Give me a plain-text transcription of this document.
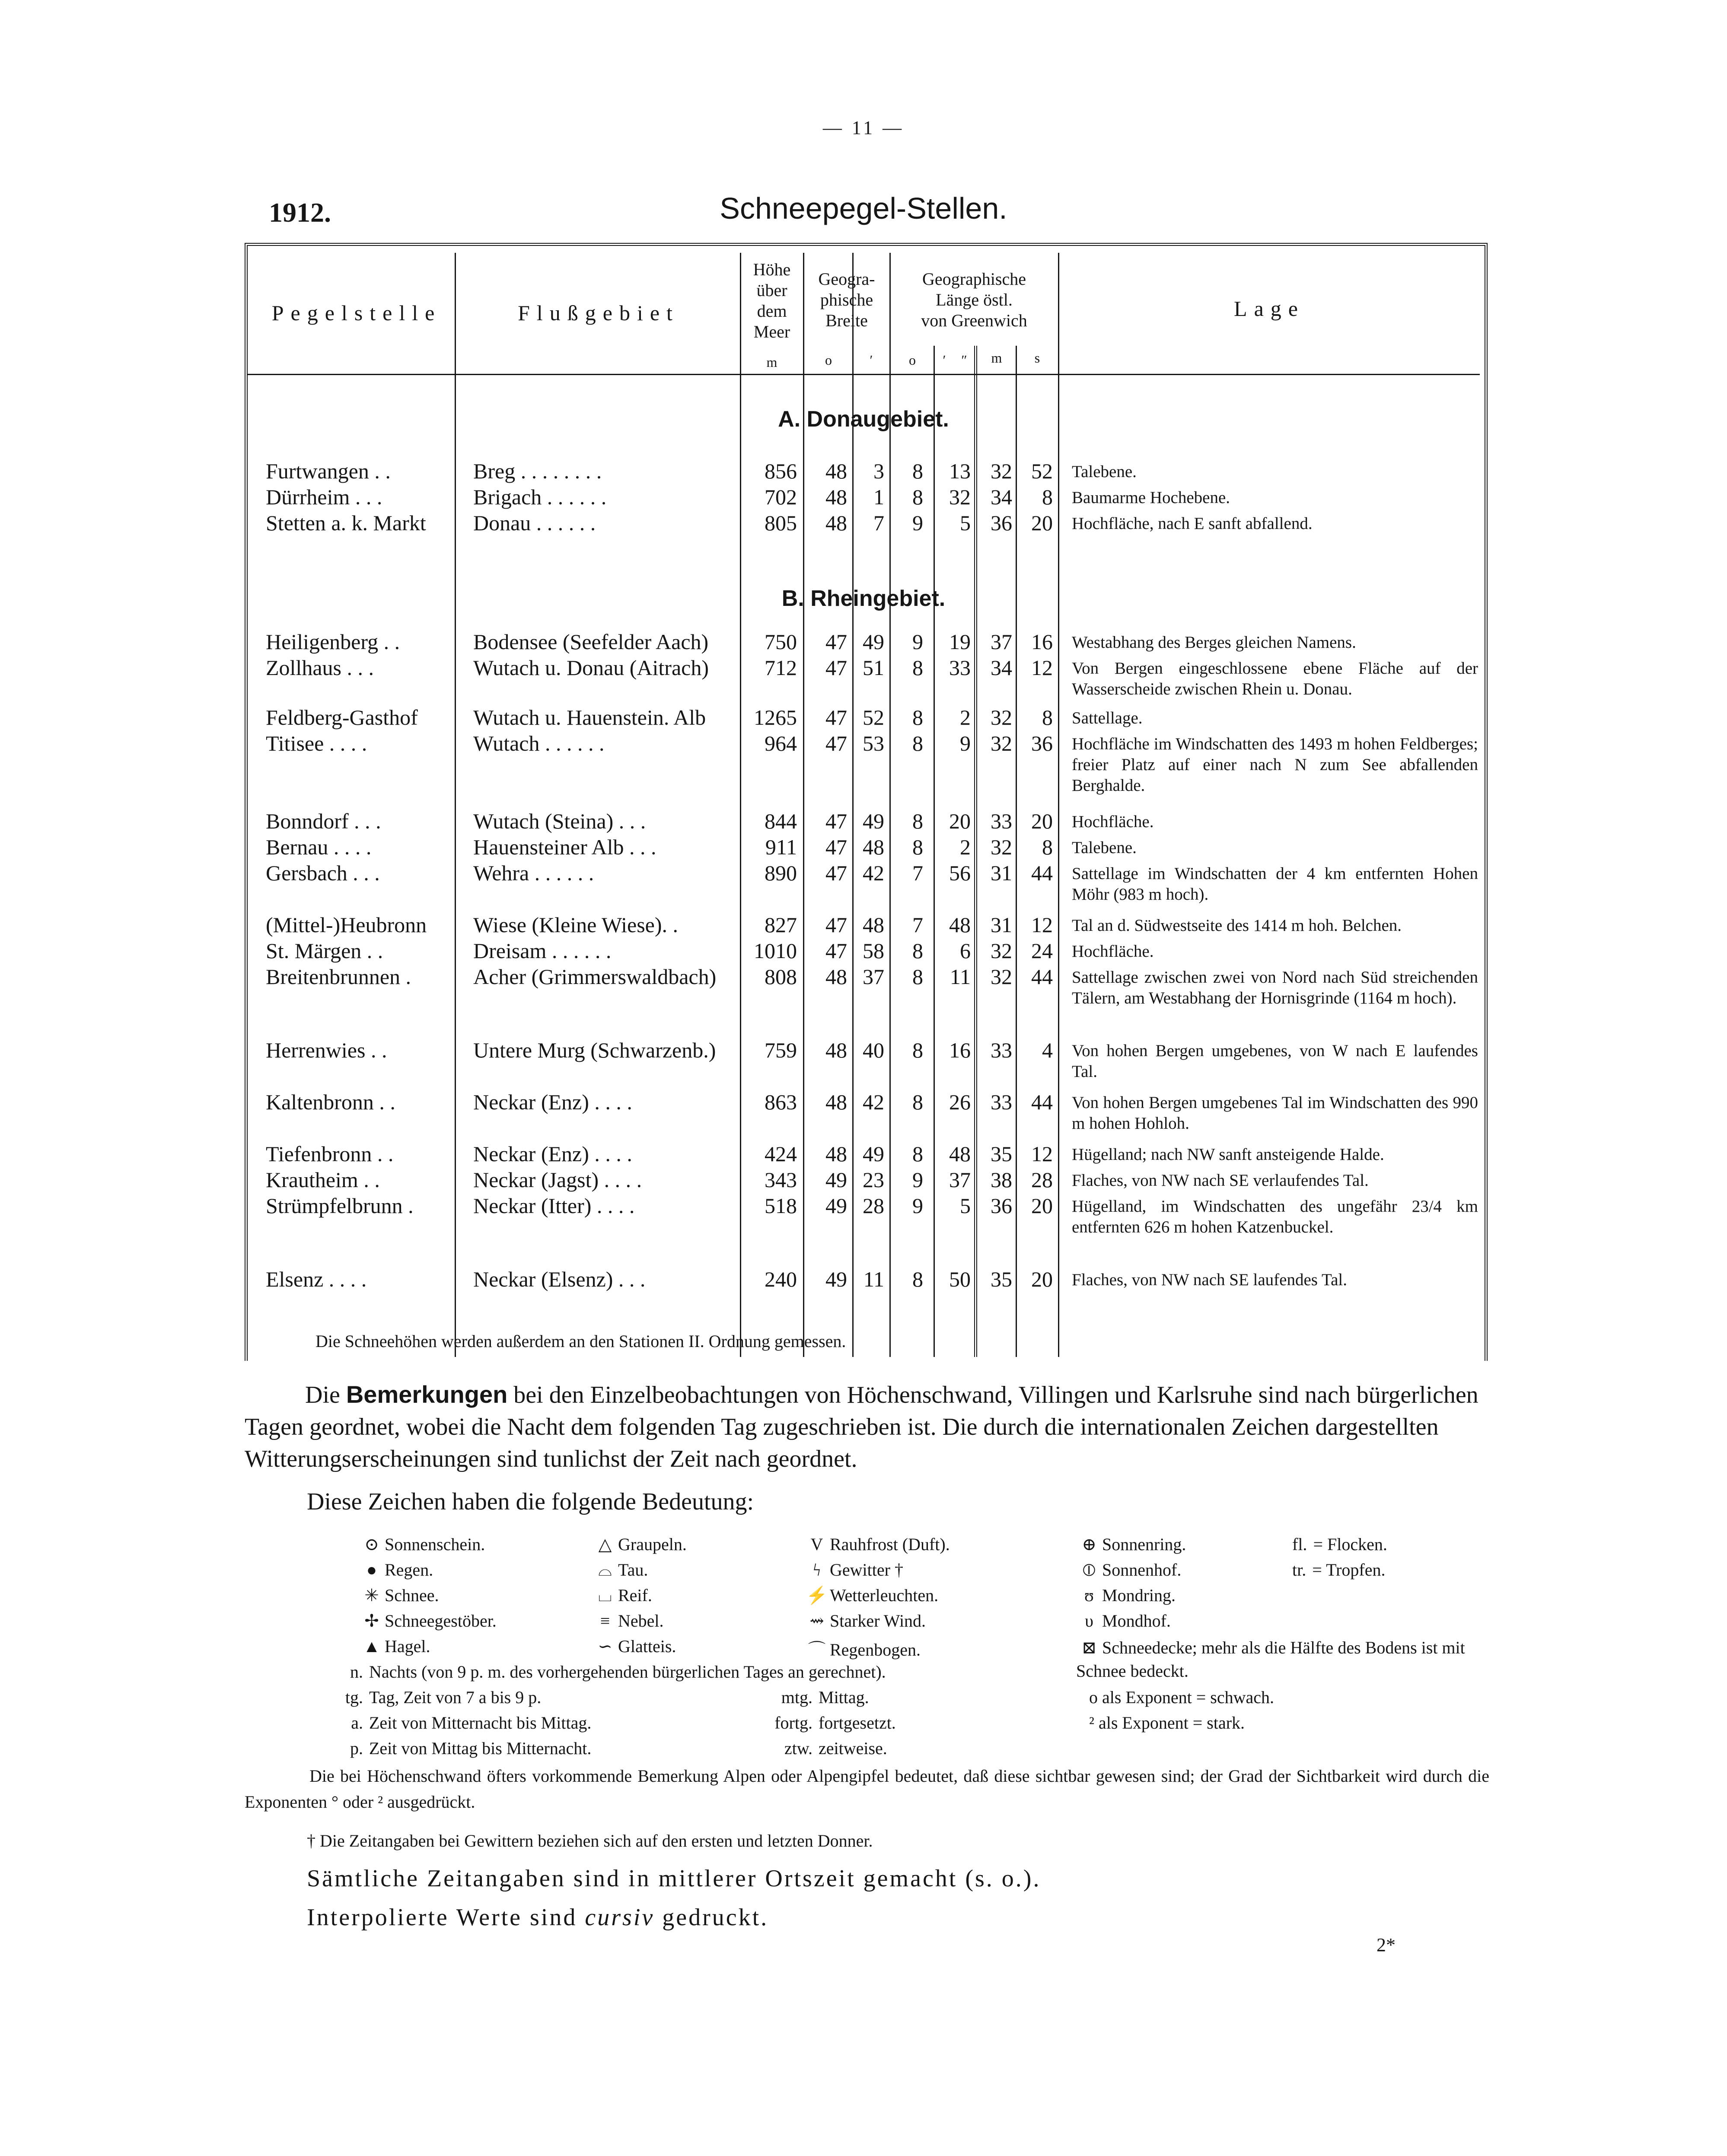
— 11 —
1912.	Schneepegel-Stellen.
Pegelstelle	Flußgebiet
Höhe
über
dem
Meer
m
Geogra-
phische
Breite
o	′
Geographische
Länge östl.
von Greenwich
o	′	″	m	s
Lage
A. Donaugebiet.
B. Rheingebiet.
Furtwangen . .	Breg . . . . . . . .	856	48	3	8	13 32 52 Talebene.
Dürrheim . . .	Brigach . . . . . .	702	48	1	8	32 34	8 Baumarme Hochebene.
Stetten a. k. Markt	Donau . . . . . .	805	48	7	9	5 36 20 Hochfläche, nach E sanft abfallend.
Heiligenberg . .	Bodensee (Seefelder Aach)	750	47 49	9	19 37 16 Westabhang des Berges gleichen Namens.
Zollhaus . . .	Wutach u. Donau (Aitrach)	712	47 51	8	33 34 12 Von Bergen eingeschlossene ebene Fläche auf der Wasserscheide zwischen Rhein u. Donau.
Feldberg-Gasthof	Wutach u. Hauenstein. Alb	1265	47 52	8	2 32	8 Sattellage.
Titisee . . . .	Wutach . . . . . .	964	47 53	8	9 32 36 Hochfläche im Windschatten des 1493 m hohen Feldberges; freier Platz auf einer nach N zum See abfallenden Berghalde.
Bonndorf . . .	Wutach (Steina) . . .	844	47 49	8	20 33 20 Hochfläche.
Bernau . . . .	Hauensteiner Alb . . .	911	47 48	8	2 32	8 Talebene.
Gersbach . . .	Wehra . . . . . .	890	47 42	7	56 31 44 Sattellage im Windschatten der 4 km entfernten Hohen Möhr (983 m hoch).
(Mittel-)Heubronn	Wiese (Kleine Wiese). .	827	47 48	7	48 31 12 Tal an d. Südwestseite des 1414 m hoh. Belchen.
St. Märgen . .	Dreisam . . . . . .	1010	47 58	8	6 32 24 Hochfläche.
Breitenbrunnen .	Acher (Grimmerswaldbach)	808	48 37	8	11 32 44 Sattellage zwischen zwei von Nord nach Süd streichenden Tälern, am Westabhang der Hornisgrinde (1164 m hoch).
Herrenwies . .	Untere Murg (Schwarzenb.)	759	48 40	8	16 33	4 Von hohen Bergen umgebenes, von W nach E laufendes Tal.
Kaltenbronn . .	Neckar (Enz) . . . .	863	48 42	8	26 33 44 Von hohen Bergen umgebenes Tal im Windschatten des 990 m hohen Hohloh.
Tiefenbronn . .	Neckar (Enz) . . . .	424	48 49	8	48 35 12 Hügelland; nach NW sanft ansteigende Halde.
Krautheim . .	Neckar (Jagst) . . . .	343	49 23	9	37 38 28 Flaches, von NW nach SE verlaufendes Tal.
Strümpfelbrunn .	Neckar (Itter) . . . .	518	49 28	9	5 36 20 Hügelland, im Windschatten des ungefähr 23/4 km entfernten 626 m hohen Katzenbuckel.
Elsenz . . . .	Neckar (Elsenz) . . .	240	49 11	8	50 35 20 Flaches, von NW nach SE laufendes Tal.
Die Schneehöhen werden außerdem an den Stationen II. Ordnung gemessen.
Die Bemerkungen bei den Einzelbeobachtungen von Höchenschwand, Villingen und Karlsruhe sind nach bürgerlichen Tagen geordnet, wobei die Nacht dem folgenden Tag zugeschrieben ist. Die durch die internationalen Zeichen dargestellten Witterungserscheinungen sind tunlichst der Zeit nach geordnet.
Diese Zeichen haben die folgende Bedeutung:
⊙ Sonnenschein.
● Regen.
✳ Schnee.
✢ Schneegestöber.
▲ Hagel.
△ Graupeln.
⌓ Tau.
⌴ Reif.
≡ Nebel.
∽ Glatteis.
V Rauhfrost (Duft).
ϟ Gewitter †
⚡ Wetterleuchten.
⇝ Starker Wind.
⌒ Regenbogen.
⊕ Sonnenring.
⦶ Sonnenhof.
ʊ Mondring.
υ Mondhof.
⊠ Schneedecke; mehr als die Hälfte des Bodens ist mit Schnee bedeckt.
fl. = Flocken.
tr. = Tropfen.
n. Nachts (von 9 p. m. des vorhergehenden bürgerlichen Tages an gerechnet).
tg. Tag, Zeit von 7 a bis 9 p.
a. Zeit von Mitternacht bis Mittag.
p. Zeit von Mittag bis Mitternacht.
mtg. Mittag.
fortg. fortgesetzt.
ztw. zeitweise.
o als Exponent = schwach.
² als Exponent = stark.
Die bei Höchenschwand öfters vorkommende Bemerkung Alpen oder Alpengipfel bedeutet, daß diese sichtbar gewesen sind; der Grad der Sichtbarkeit wird durch die Exponenten ° oder ² ausgedrückt.
† Die Zeitangaben bei Gewittern beziehen sich auf den ersten und letzten Donner.
Sämtliche Zeitangaben sind in mittlerer Ortszeit gemacht (s. o.).
Interpolierte Werte sind cursiv gedruckt.
2*
